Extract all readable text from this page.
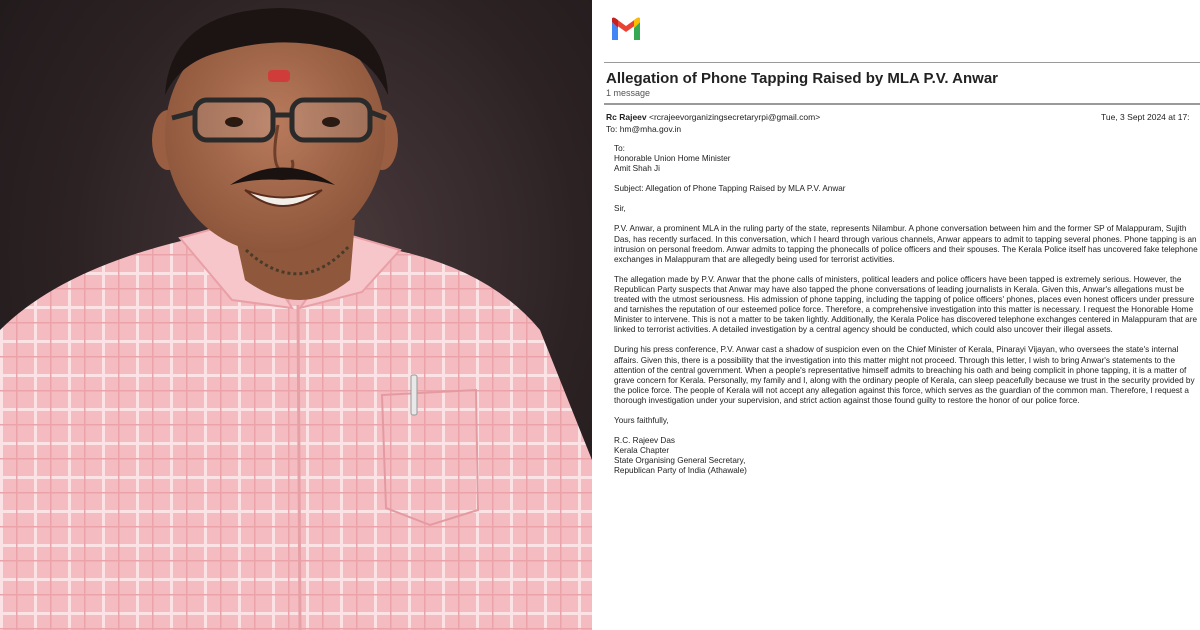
Allegation of Phone Tapping Raised by MLA P.V. Anwar
1 message
Rc Rajeev <rcrajeevorganizingsecretaryrpi@gmail.com>	Tue, 3 Sept 2024 at 17:
To: hm@mha.gov.in

To:
Honorable Union Home Minister
Amit Shah Ji

Subject: Allegation of Phone Tapping Raised by MLA P.V. Anwar

Sir,

P.V. Anwar, a prominent MLA in the ruling party of the state, represents Nilambur. A phone conversation between him and the former SP of Malappuram, Sujith Das, has recently surfaced. In this conversation, which I heard through various channels, Anwar appears to admit to tapping several phones. Phone tapping is an intrusion on personal freedom. Anwar admits to tapping the phonecalls of police officers and their spouses. The Kerala Police itself has uncovered fake telephone exchanges in Malappuram that are allegedly being used for terrorist activities.

The allegation made by P.V. Anwar that the phone calls of ministers, political leaders and police officers have been tapped is extremely serious. However, the Republican Party suspects that Anwar may have also tapped the phone conversations of leading journalists in Kerala. Given this, Anwar's allegations must be treated with the utmost seriousness. His admission of phone tapping, including the tapping of police officers' phones, places even honest officers under pressure and tarnishes the reputation of our esteemed police force. Therefore, a comprehensive investigation into this matter is necessary. I request the Honorable Home Minister to intervene. This is not a matter to be taken lightly. Additionally, the Kerala Police has discovered telephone exchanges centered in Malappuram that are linked to terrorist activities. A detailed investigation by a central agency should be conducted, which could also uncover their illegal assets.

During his press conference, P.V. Anwar cast a shadow of suspicion even on the Chief Minister of Kerala, Pinarayi Vijayan, who oversees the state's internal affairs. Given this, there is a possibility that the investigation into this matter might not proceed. Through this letter, I wish to bring Anwar's statements to the attention of the central government. When a people's representative himself admits to breaching his oath and being complicit in phone tapping, it is a matter of grave concern for Kerala. Personally, my family and I, along with the ordinary people of Kerala, can sleep peacefully because we trust in the security provided by the police force. The people of Kerala will not accept any allegation against this force, which serves as the guardian of the common man. Therefore, I request a thorough investigation under your supervision, and strict action against those found guilty to restore the honor of our police force.

Yours faithfully,

R.C. Rajeev Das
Kerala Chapter
State Organising General Secretary,
Republican Party of India (Athawale)
